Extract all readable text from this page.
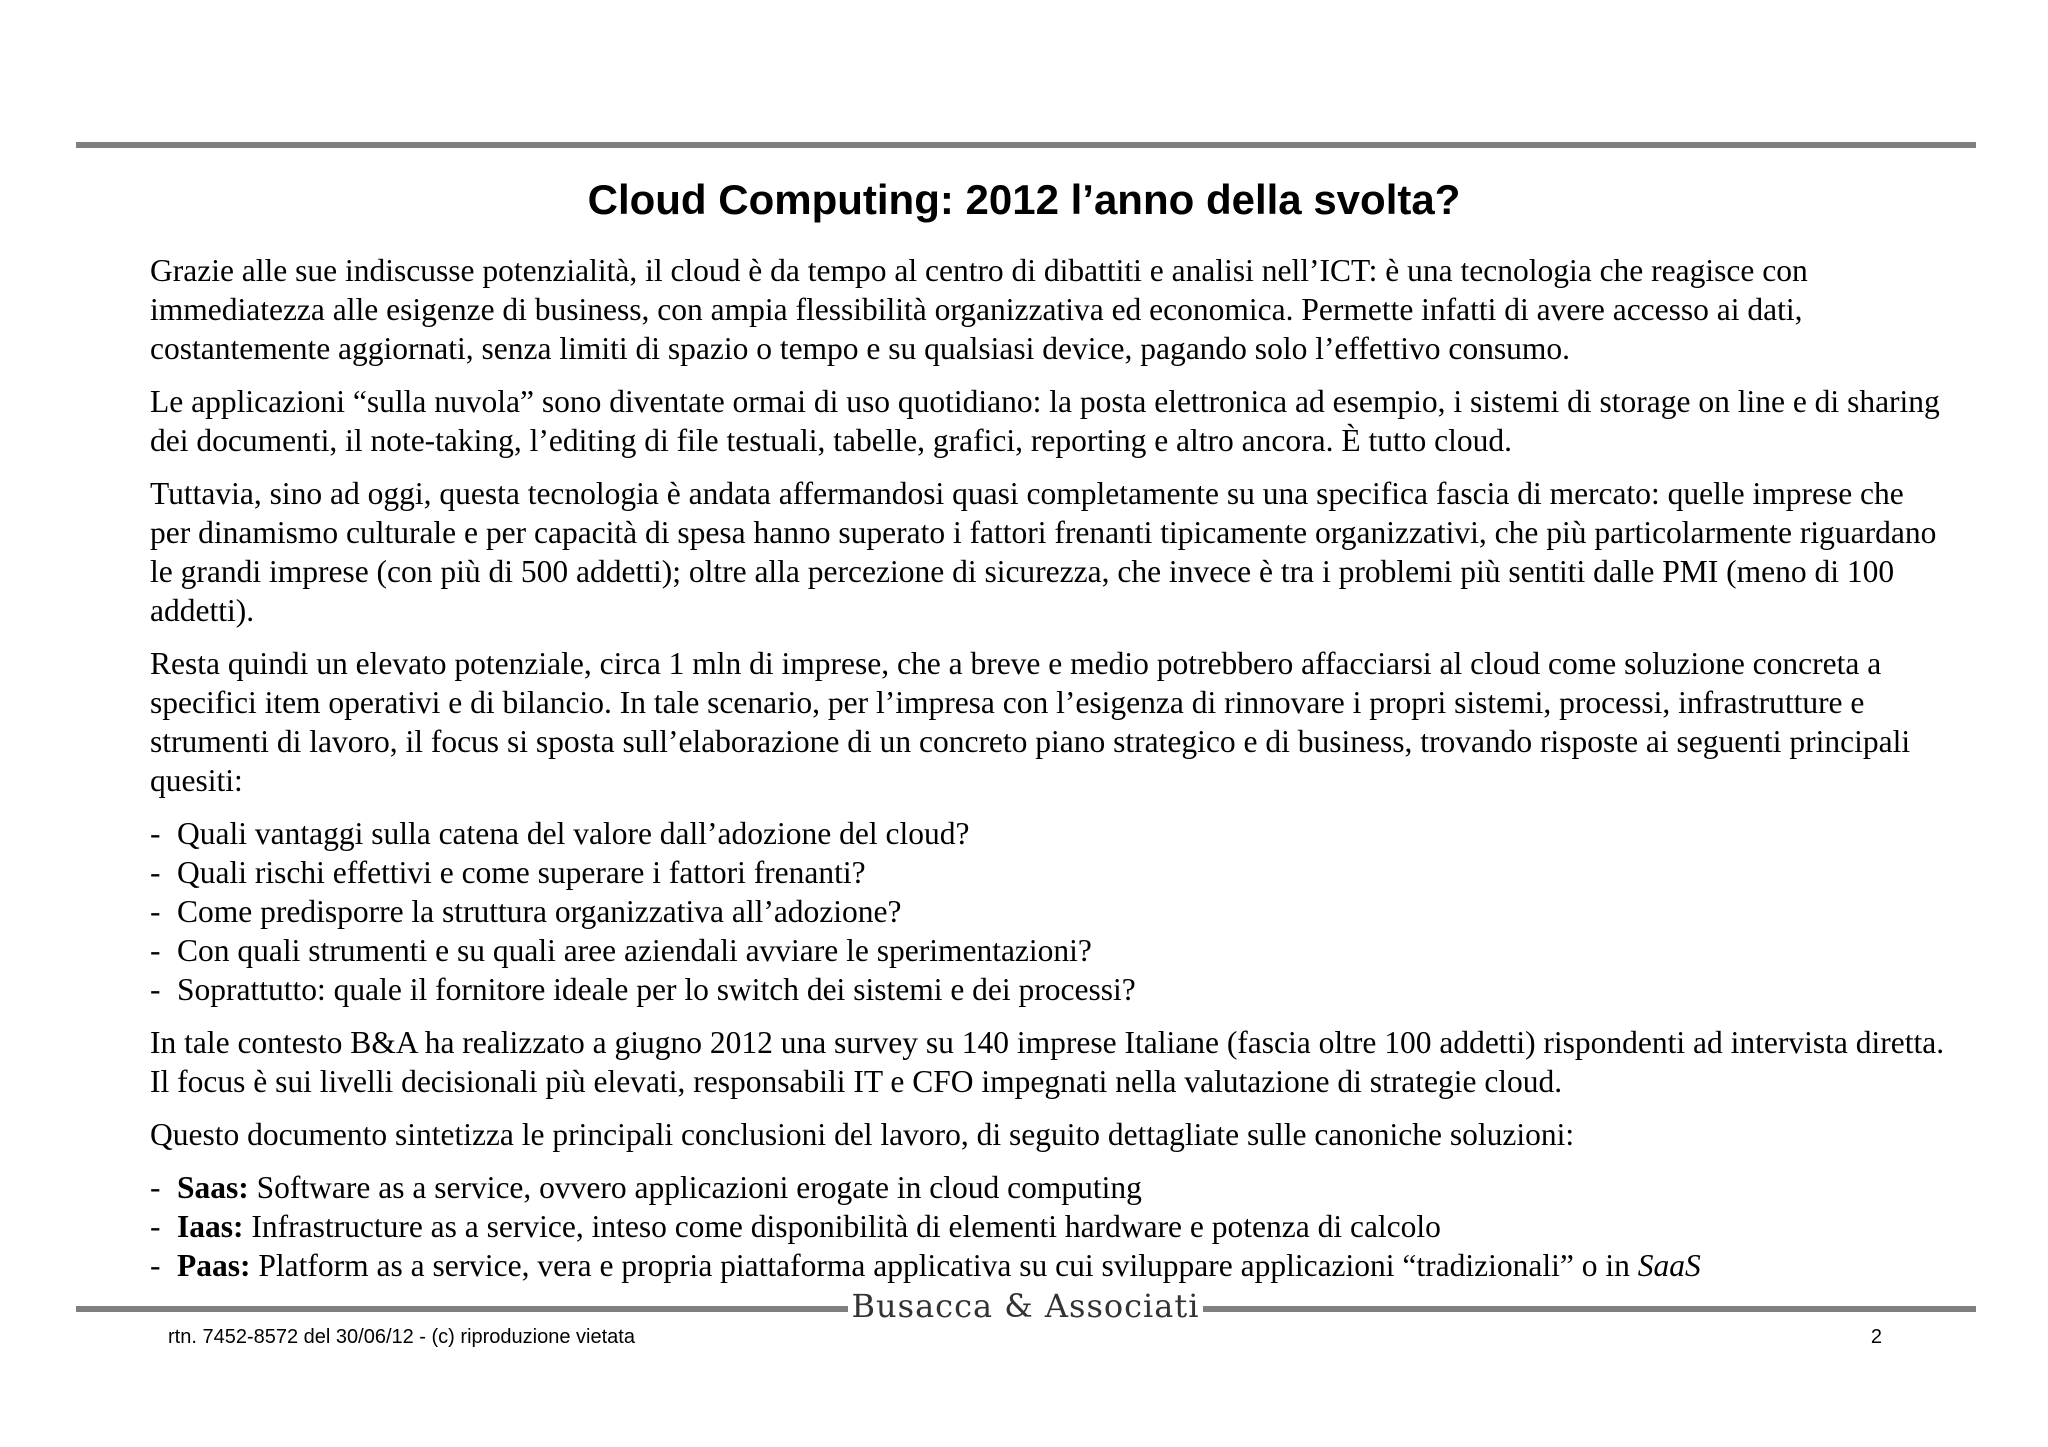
Cloud Computing: 2012 l’anno della svolta?

Grazie alle sue indiscusse potenzialità, il cloud è da tempo al centro di dibattiti e analisi nell’ICT: è una tecnologia che reagisce con immediatezza alle esigenze di business, con ampia flessibilità organizzativa ed economica. Permette infatti di avere accesso ai dati, costantemente aggiornati, senza limiti di spazio o tempo e su qualsiasi device, pagando solo l’effettivo consumo.

Le applicazioni “sulla nuvola” sono diventate ormai di uso quotidiano: la posta elettronica ad esempio, i sistemi di storage on line e di sharing dei documenti, il note-taking, l’editing di file testuali, tabelle, grafici, reporting e altro ancora. È tutto cloud.

Tuttavia, sino ad oggi, questa tecnologia è andata affermandosi quasi completamente su una specifica fascia di mercato: quelle imprese che per dinamismo culturale e per capacità di spesa hanno superato i fattori frenanti tipicamente organizzativi, che più particolarmente riguardano le grandi imprese (con più di 500 addetti); oltre alla percezione di sicurezza, che invece è tra i problemi più sentiti dalle PMI (meno di 100 addetti).

Resta quindi un elevato potenziale, circa 1 mln di imprese, che a breve e medio potrebbero affacciarsi al cloud come soluzione concreta a specifici item operativi e di bilancio. In tale scenario, per l’impresa con l’esigenza di rinnovare i propri sistemi, processi, infrastrutture e strumenti di lavoro, il focus si sposta sull’elaborazione di un concreto piano strategico e di business, trovando risposte ai seguenti principali quesiti:

- Quali vantaggi sulla catena del valore dall’adozione del cloud?
- Quali rischi effettivi e come superare i fattori frenanti?
- Come predisporre la struttura organizzativa all’adozione?
- Con quali strumenti e su quali aree aziendali avviare le sperimentazioni?
- Soprattutto: quale il fornitore ideale per lo switch dei sistemi e dei processi?

In tale contesto B&A ha realizzato a giugno 2012 una survey su 140 imprese Italiane (fascia oltre 100 addetti) rispondenti ad intervista diretta. Il focus è sui livelli decisionali più elevati, responsabili IT e CFO impegnati nella valutazione di strategie cloud.

Questo documento sintetizza le principali conclusioni del lavoro, di seguito dettagliate sulle canoniche soluzioni:

- Saas: Software as a service, ovvero applicazioni erogate in cloud computing
- Iaas: Infrastructure as a service, inteso come disponibilità di elementi hardware e potenza di calcolo
- Paas: Platform as a service, vera e propria piattaforma applicativa su cui sviluppare applicazioni “tradizionali” o in SaaS
Busacca & Associati
rtn. 7452-8572 del 30/06/12 - (c) riproduzione vietata	2
